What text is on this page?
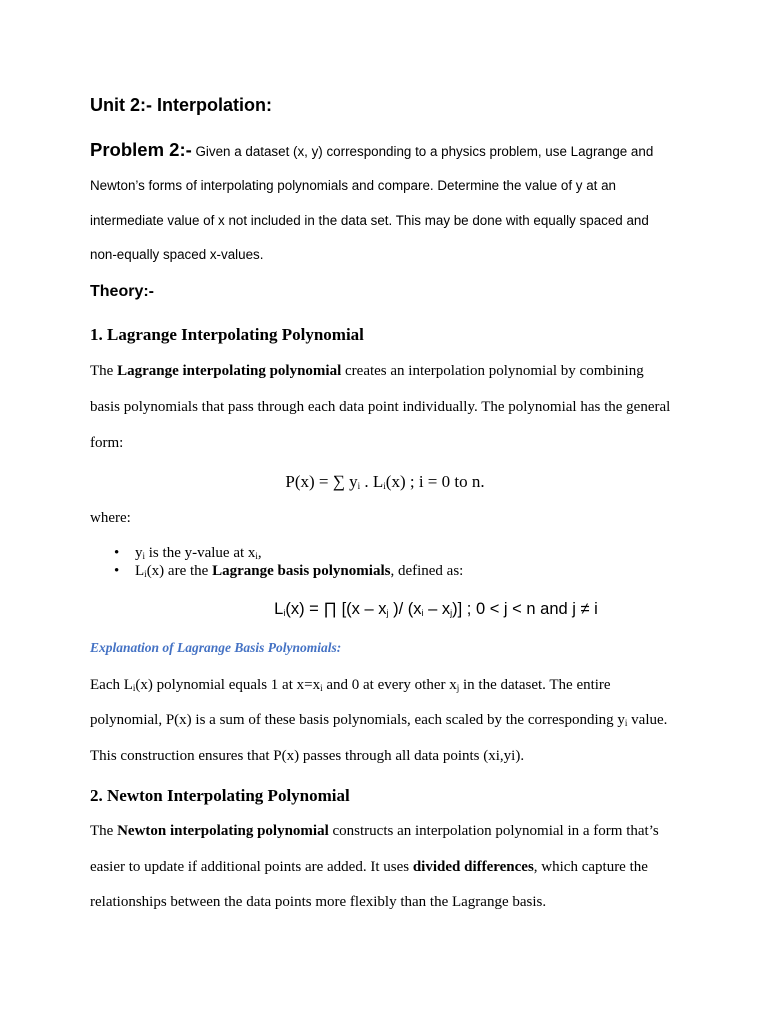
Unit 2:- Interpolation:
Problem 2:- Given a dataset (x, y) corresponding to a physics problem, use Lagrange and
Newton’s forms of interpolating polynomials and compare. Determine the value of y at an
intermediate value of x not included in the data set. This may be done with equally spaced and
non-equally spaced x-values.
Theory:-
1. Lagrange Interpolating Polynomial
The Lagrange interpolating polynomial creates an interpolation polynomial by combining
basis polynomials that pass through each data point individually. The polynomial has the general
form:
P(x) = ∑ $y_i$ . $L_i(x)$ ; i = 0 to n.
where:
• $y_i$ is the y-value at $x_i$,
• $L_i(x)$ are the Lagrange basis polynomials, defined as:
$L_i(x)$ = ∏ [($x - x_j$ )/ $(x_i - x_j)$] ; 0 < j < n and j ≠ i
Explanation of Lagrange Basis Polynomials:
Each $L_i(x)$ polynomial equals 1 at $x=x_i$ and 0 at every other $x_j$ in the dataset. The entire
polynomial, P(x) is a sum of these basis polynomials, each scaled by the corresponding $y_i$ value.
This construction ensures that P(x) passes through all data points (xi,yi).
2. Newton Interpolating Polynomial
The Newton interpolating polynomial constructs an interpolation polynomial in a form that’s
easier to update if additional points are added. It uses divided differences, which capture the
relationships between the data points more flexibly than the Lagrange basis.
